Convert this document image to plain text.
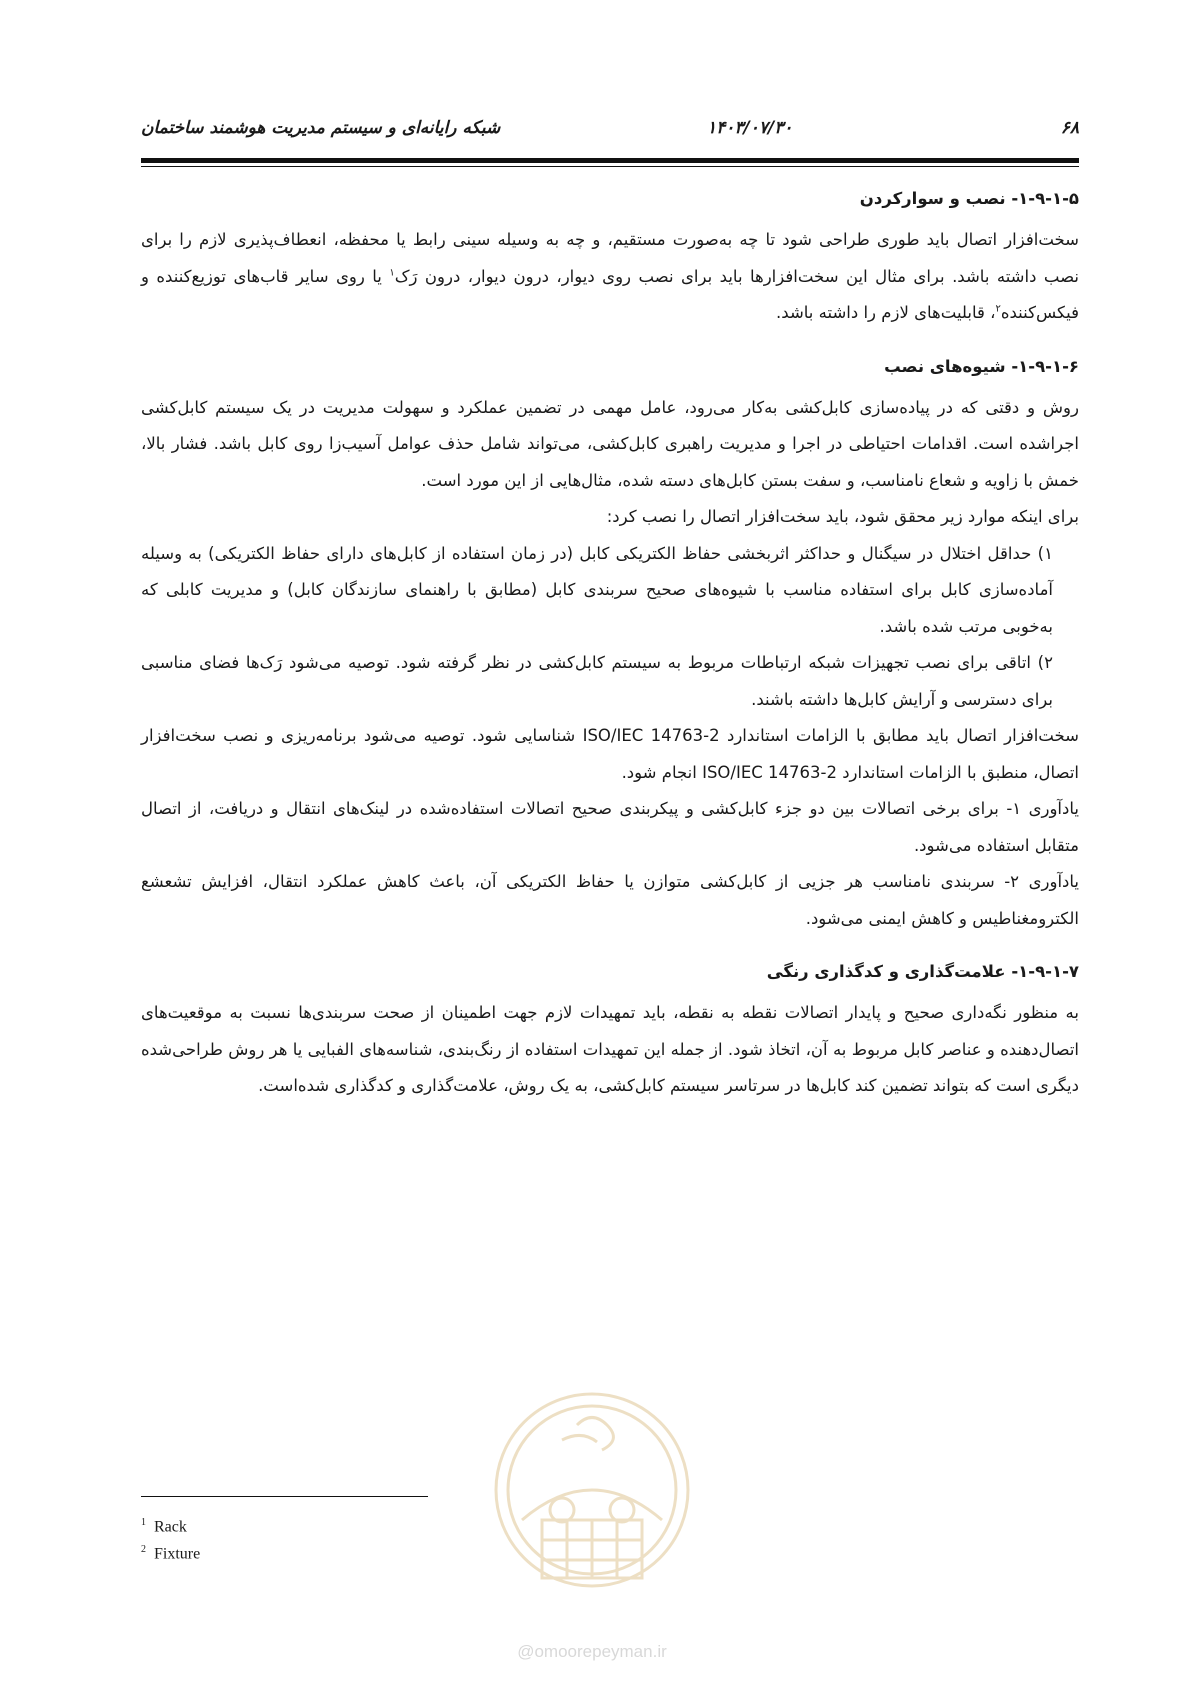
۶۸
۱۴۰۳/۰۷/۳۰
شبکه رایانه‌ای و سیستم مدیریت هوشمند ساختمان

۱-۹-۱-۵- نصب و سوارکردن

سخت‌افزار اتصال باید طوری طراحی شود تا چه به‌صورت مستقیم، و چه به وسیله سینی رابط یا محفظه، انعطاف‌پذیری لازم را برای نصب داشته باشد. برای مثال این سخت‌افزارها باید برای نصب روی دیوار، درون دیوار، درون رَک$^۱$ یا روی سایر قاب‌های توزیع‌کننده و فیکس‌کننده$^۲$، قابلیت‌های لازم را داشته باشد.

۱-۹-۱-۶- شیوه‌های نصب

روش و دقتی که در پیاده‌سازی کابل‌کشی به‌کار می‌رود، عامل مهمی در تضمین عملکرد و سهولت مدیریت در یک سیستم کابل‌کشی اجراشده است. اقدامات احتیاطی در اجرا و مدیریت راهبری کابل‌کشی، می‌تواند شامل حذف عوامل آسیب‌زا روی کابل باشد. فشار بالا، خمش با زاویه و شعاع نامناسب، و سفت بستن کابل‌های دسته شده، مثال‌هایی از این مورد است.

برای اینکه موارد زیر محقق شود، باید سخت‌افزار اتصال را نصب کرد:

۱) حداقل اختلال در سیگنال و حداکثر اثربخشی حفاظ الکتریکی کابل (در زمان استفاده از کابل‌های دارای حفاظ الکتریکی) به وسیله آماده‌سازی کابل برای استفاده مناسب با شیوه‌های صحیح سربندی کابل (مطابق با راهنمای سازندگان کابل) و مدیریت کابلی که به‌خوبی مرتب شده باشد.

۲) اتاقی برای نصب تجهیزات شبکه ارتباطات مربوط به سیستم کابل‌کشی در نظر گرفته شود. توصیه می‌شود رَک‌ها فضای مناسبی برای دسترسی و آرایش کابل‌ها داشته باشند.

سخت‌افزار اتصال باید مطابق با الزامات استاندارد ISO/IEC 14763-2 شناسایی شود. توصیه می‌شود برنامه‌ریزی و نصب سخت‌افزار اتصال، منطبق با الزامات استاندارد ISO/IEC 14763-2 انجام شود.

یادآوری ۱- برای برخی اتصالات بین دو جزء کابل‌کشی و پیکربندی صحیح اتصالات استفاده‌شده در لینک‌های انتقال و دریافت، از اتصال متقابل استفاده می‌شود.

یادآوری ۲- سربندی نامناسب هر جزیی از کابل‌کشی متوازن یا حفاظ الکتریکی آن، باعث کاهش عملکرد انتقال، افزایش تشعشع الکترومغناطیس و کاهش ایمنی می‌شود.

۱-۹-۱-۷- علامت‌گذاری و کدگذاری رنگی

به منظور نگه‌داری صحیح و پایدار اتصالات نقطه به نقطه، باید تمهیدات لازم جهت اطمینان از صحت سربندی‌ها نسبت به موقعیت‌های اتصال‌دهنده و عناصر کابل مربوط به آن، اتخاذ شود. از جمله این تمهیدات استفاده از رنگ‌بندی، شناسه‌های الفبایی یا هر روش طراحی‌شده دیگری است که بتواند تضمین کند کابل‌ها در سرتاسر سیستم کابل‌کشی، به یک روش، علامت‌گذاری و کدگذاری شده‌است.

$^1$ Rack
$^2$ Fixture
@omoorepeyman.ir
